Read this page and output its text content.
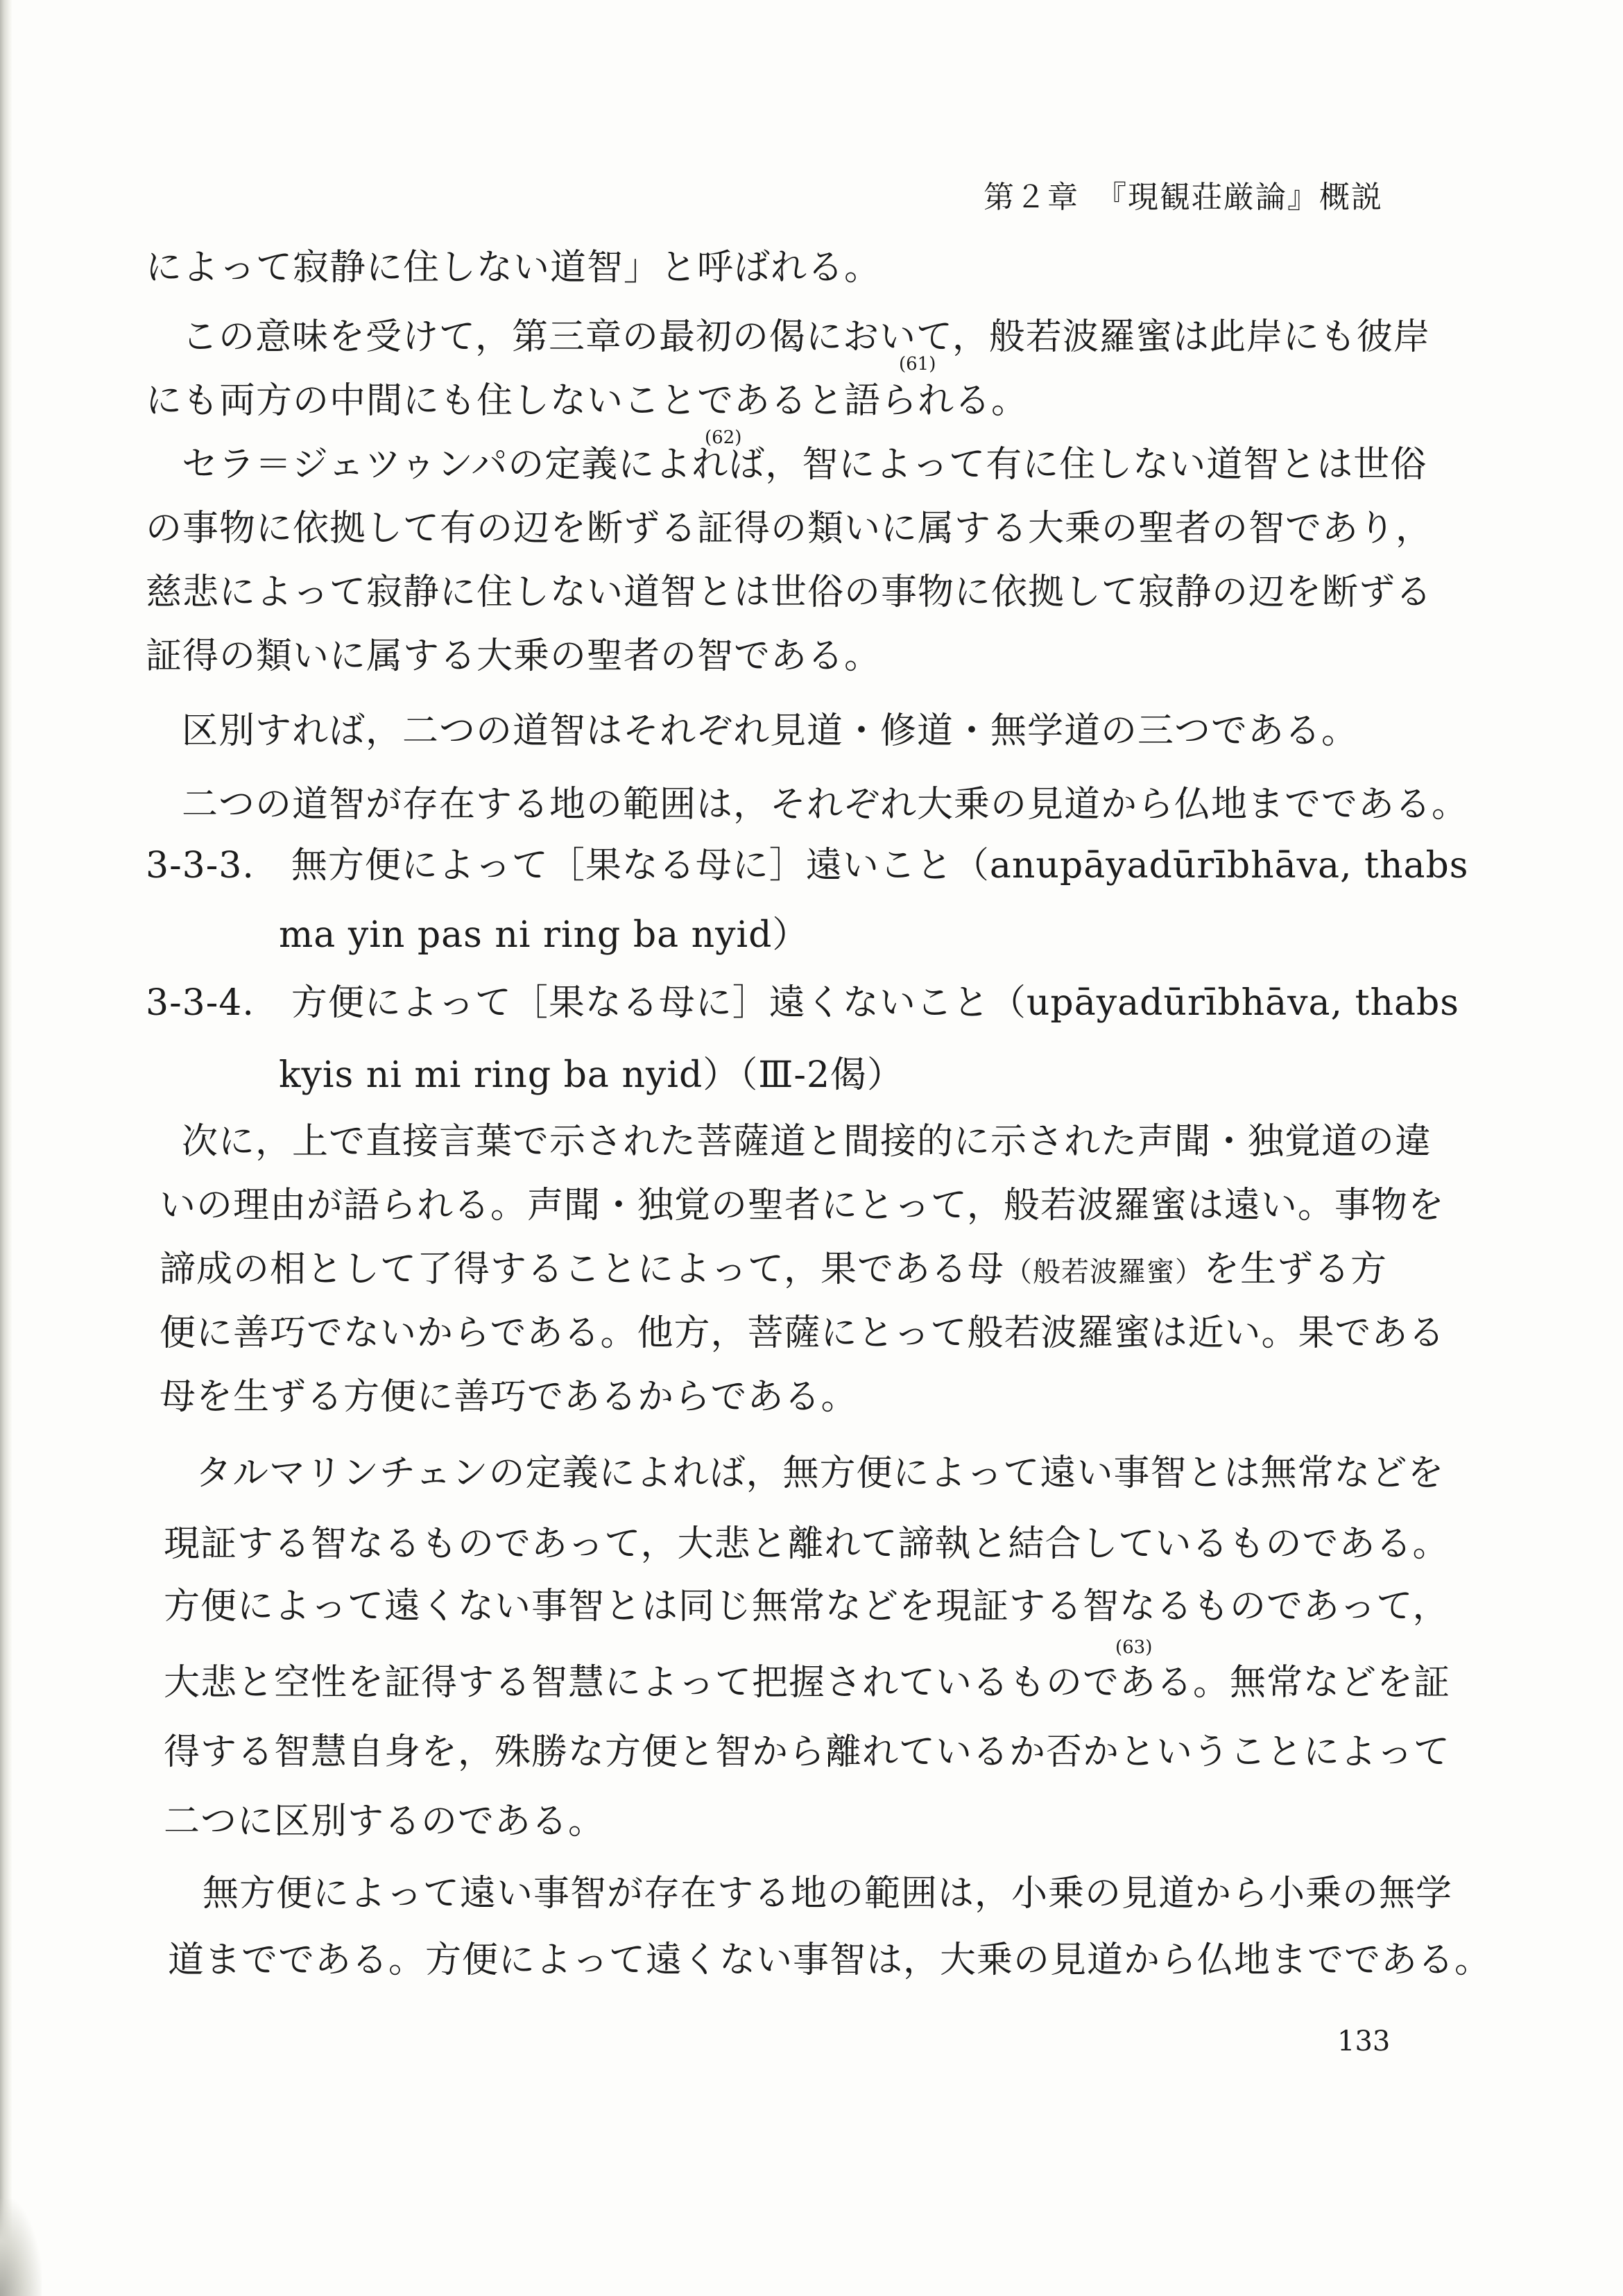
第２章　『現観荘厳論』概説
によって寂静に住しない道智」と呼ばれる。
この意味を受けて，第三章の最初の偈において，般若波羅蜜は此岸にも彼岸
にも両方の中間にも住しないことであると語られる。
(61)
セラ＝ジェツゥンパの定義によれば，智によって有に住しない道智とは世俗
(62)
の事物に依拠して有の辺を断ずる証得の類いに属する大乗の聖者の智であり，
慈悲によって寂静に住しない道智とは世俗の事物に依拠して寂静の辺を断ずる
証得の類いに属する大乗の聖者の智である。
区別すれば，二つの道智はそれぞれ見道・修道・無学道の三つである。
二つの道智が存在する地の範囲は，それぞれ大乗の見道から仏地までである。
3-3-3.　無方便によって［果なる母に］遠いこと（anupāyadūrībhāva, thabs
ma yin pas ni ring ba nyid）
3-3-4.　方便によって［果なる母に］遠くないこと（upāyadūrībhāva, thabs
kyis ni mi ring ba nyid）（Ⅲ-2偈）
次に，上で直接言葉で示された菩薩道と間接的に示された声聞・独覚道の違
いの理由が語られる。声聞・独覚の聖者にとって，般若波羅蜜は遠い。事物を
諦成の相として了得することによって，果である母（般若波羅蜜）を生ずる方
便に善巧でないからである。他方，菩薩にとって般若波羅蜜は近い。果である
母を生ずる方便に善巧であるからである。
タルマリンチェンの定義によれば，無方便によって遠い事智とは無常などを
現証する智なるものであって，大悲と離れて諦執と結合しているものである。
方便によって遠くない事智とは同じ無常などを現証する智なるものであって，
大悲と空性を証得する智慧によって把握されているものである。無常などを証
(63)
得する智慧自身を，殊勝な方便と智から離れているか否かということによって
二つに区別するのである。
無方便によって遠い事智が存在する地の範囲は，小乗の見道から小乗の無学
道までである。方便によって遠くない事智は，大乗の見道から仏地までである。
133
